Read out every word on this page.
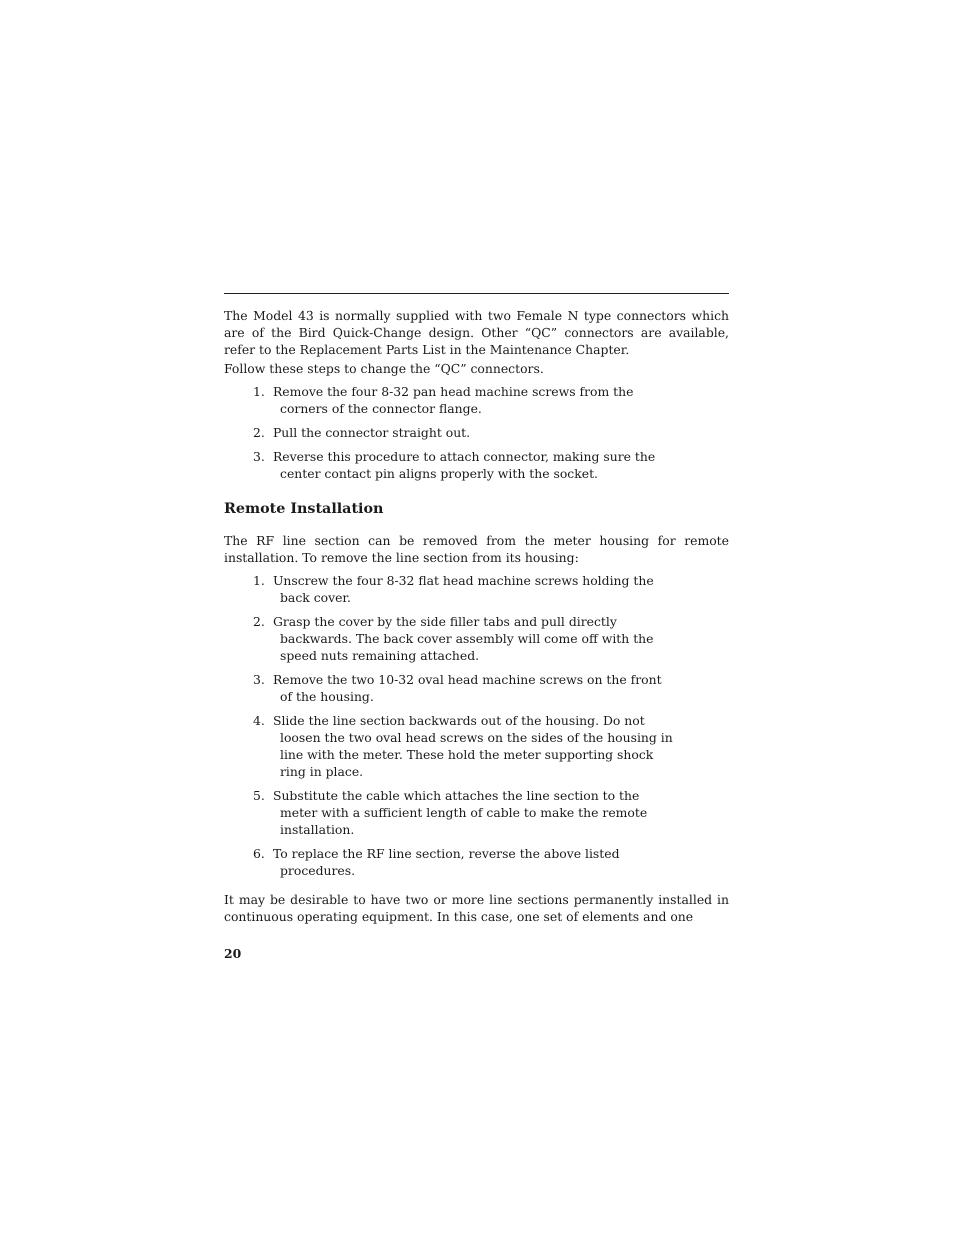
The Model 43 is normally supplied with two Female N type connectors which are of the Bird Quick-Change design. Other “QC” connectors are available, refer to the Replacement Parts List in the Maintenance Chapter.

Follow these steps to change the “QC” connectors.

1. Remove the four 8-32 pan head machine screws from the corners of the connector flange.
2. Pull the connector straight out.
3. Reverse this procedure to attach connector, making sure the center contact pin aligns properly with the socket.
Remote Installation

The RF line section can be removed from the meter housing for remote installation. To remove the line section from its housing:

1. Unscrew the four 8-32 flat head machine screws holding the back cover.
2. Grasp the cover by the side filler tabs and pull directly backwards. The back cover assembly will come off with the speed nuts remaining attached.
3. Remove the two 10-32 oval head machine screws on the front of the housing.
4. Slide the line section backwards out of the housing. Do not loosen the two oval head screws on the sides of the housing in line with the meter. These hold the meter supporting shock ring in place.
5. Substitute the cable which attaches the line section to the meter with a sufficient length of cable to make the remote installation.
6. To replace the RF line section, reverse the above listed procedures.

It may be desirable to have two or more line sections permanently installed in continuous operating equipment. In this case, one set of elements and one

20
